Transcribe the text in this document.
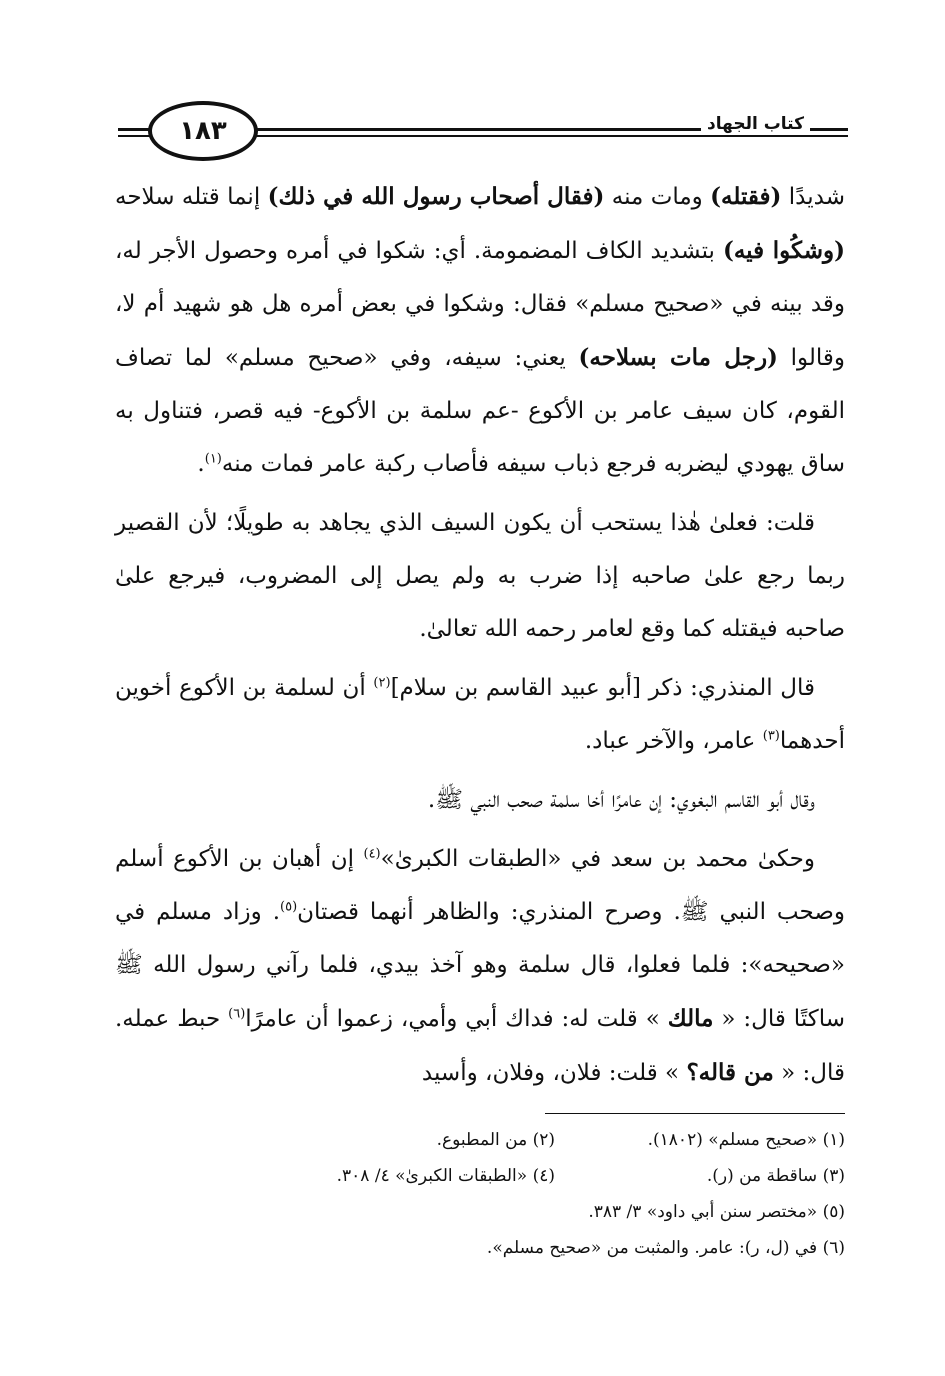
١٨٣	كتاب الجهاد

شديدًا (فقتله) ومات منه (فقال أصحاب رسول الله في ذلك) إنما قتله سلاحه (وشكُوا فيه) بتشديد الكاف المضمومة. أي: شكوا في أمره وحصول الأجر له، وقد بينه في «صحيح مسلم» فقال: وشكوا في بعض أمره هل هو شهيد أم لا، وقالوا (رجل مات بسلاحه) يعني: سيفه، وفي «صحيح مسلم» لما تصاف القوم، كان سيف عامر بن الأكوع -عم سلمة بن الأكوع- فيه قصر، فتناول به ساق يهودي ليضربه فرجع ذباب سيفه فأصاب ركبة عامر فمات منه$^{(١)}$.

قلت: فعلىٰ هٰذا يستحب أن يكون السيف الذي يجاهد به طويلًا؛ لأن القصير ربما رجع علىٰ صاحبه إذا ضرب به ولم يصل إلى المضروب، فيرجع علىٰ صاحبه فيقتله كما وقع لعامر رحمه الله تعالىٰ.

قال المنذري: ذكر [أبو عبيد القاسم بن سلام]$^{(٢)}$ أن لسلمة بن الأكوع أخوين أحدهما$^{(٣)}$ عامر، والآخر عباد.

وقال أبو القاسم البغوي: إن عامرًا أخا سلمة صحب النبي ﷺ.

وحكىٰ محمد بن سعد في «الطبقات الكبرىٰ»$^{(٤)}$ إن أهبان بن الأكوع أسلم وصحب النبي ﷺ. وصرح المنذري: والظاهر أنهما قصتان$^{(٥)}$. وزاد مسلم في «صحيحه»: فلما فعلوا، قال سلمة وهو آخذ بيدي، فلما رآني رسول الله ﷺ ساكتًا قال: « مالك » قلت له: فداك أبي وأمي، زعموا أن عامرًا$^{(٦)}$ حبط عمله. قال: « من قاله؟ » قلت: فلان، وفلان، وأسيد

(١) «صحيح مسلم» (١٨٠٢).
(٢) من المطبوع.
(٣) ساقطة من (ر).
(٤) «الطبقات الكبرىٰ» ٤/ ٣٠٨.
(٥) «مختصر سنن أبي داود» ٣/ ٣٨٣.
(٦) في (ل، ر): عامر. والمثبت من «صحيح مسلم».
